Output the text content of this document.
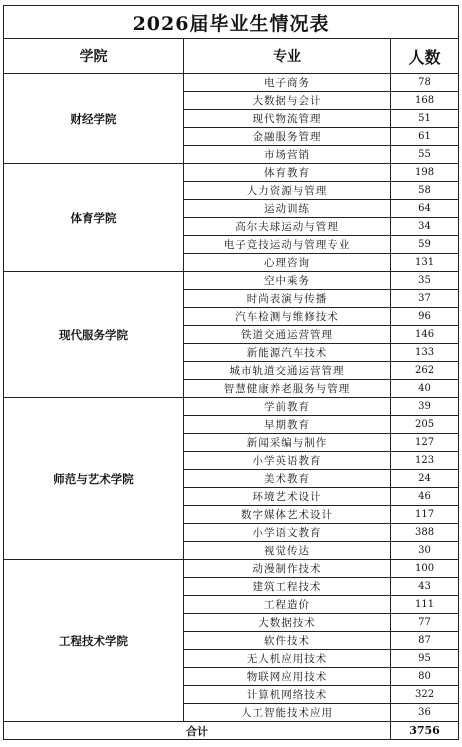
2026届毕业生情况表		
学院	专业	人数
财经学院	电子商务	78
	大数据与会计	168
	现代物流管理	51
	金融服务管理	61
	市场营销	55
体育学院	体育教育	198
	人力资源与管理	58
	运动训练	64
	高尔夫球运动与管理	34
	电子竞技运动与管理专业	59
	心理咨询	131
现代服务学院	空中乘务	35
	时尚表演与传播	37
	汽车检测与维修技术	96
	铁道交通运营管理	146
	新能源汽车技术	133
	城市轨道交通运营管理	262
	智慧健康养老服务与管理	40
师范与艺术学院	学前教育	39
	早期教育	205
	新闻采编与制作	127
	小学英语教育	123
	美术教育	24
	环境艺术设计	46
	数字媒体艺术设计	117
	小学语文教育	388
	视觉传达	30
工程技术学院	动漫制作技术	100
	建筑工程技术	43
	工程造价	111
	大数据技术	77
	软件技术	87
	无人机应用技术	95
	物联网应用技术	80
	计算机网络技术	322
	人工智能技术应用	36
合计		3756
